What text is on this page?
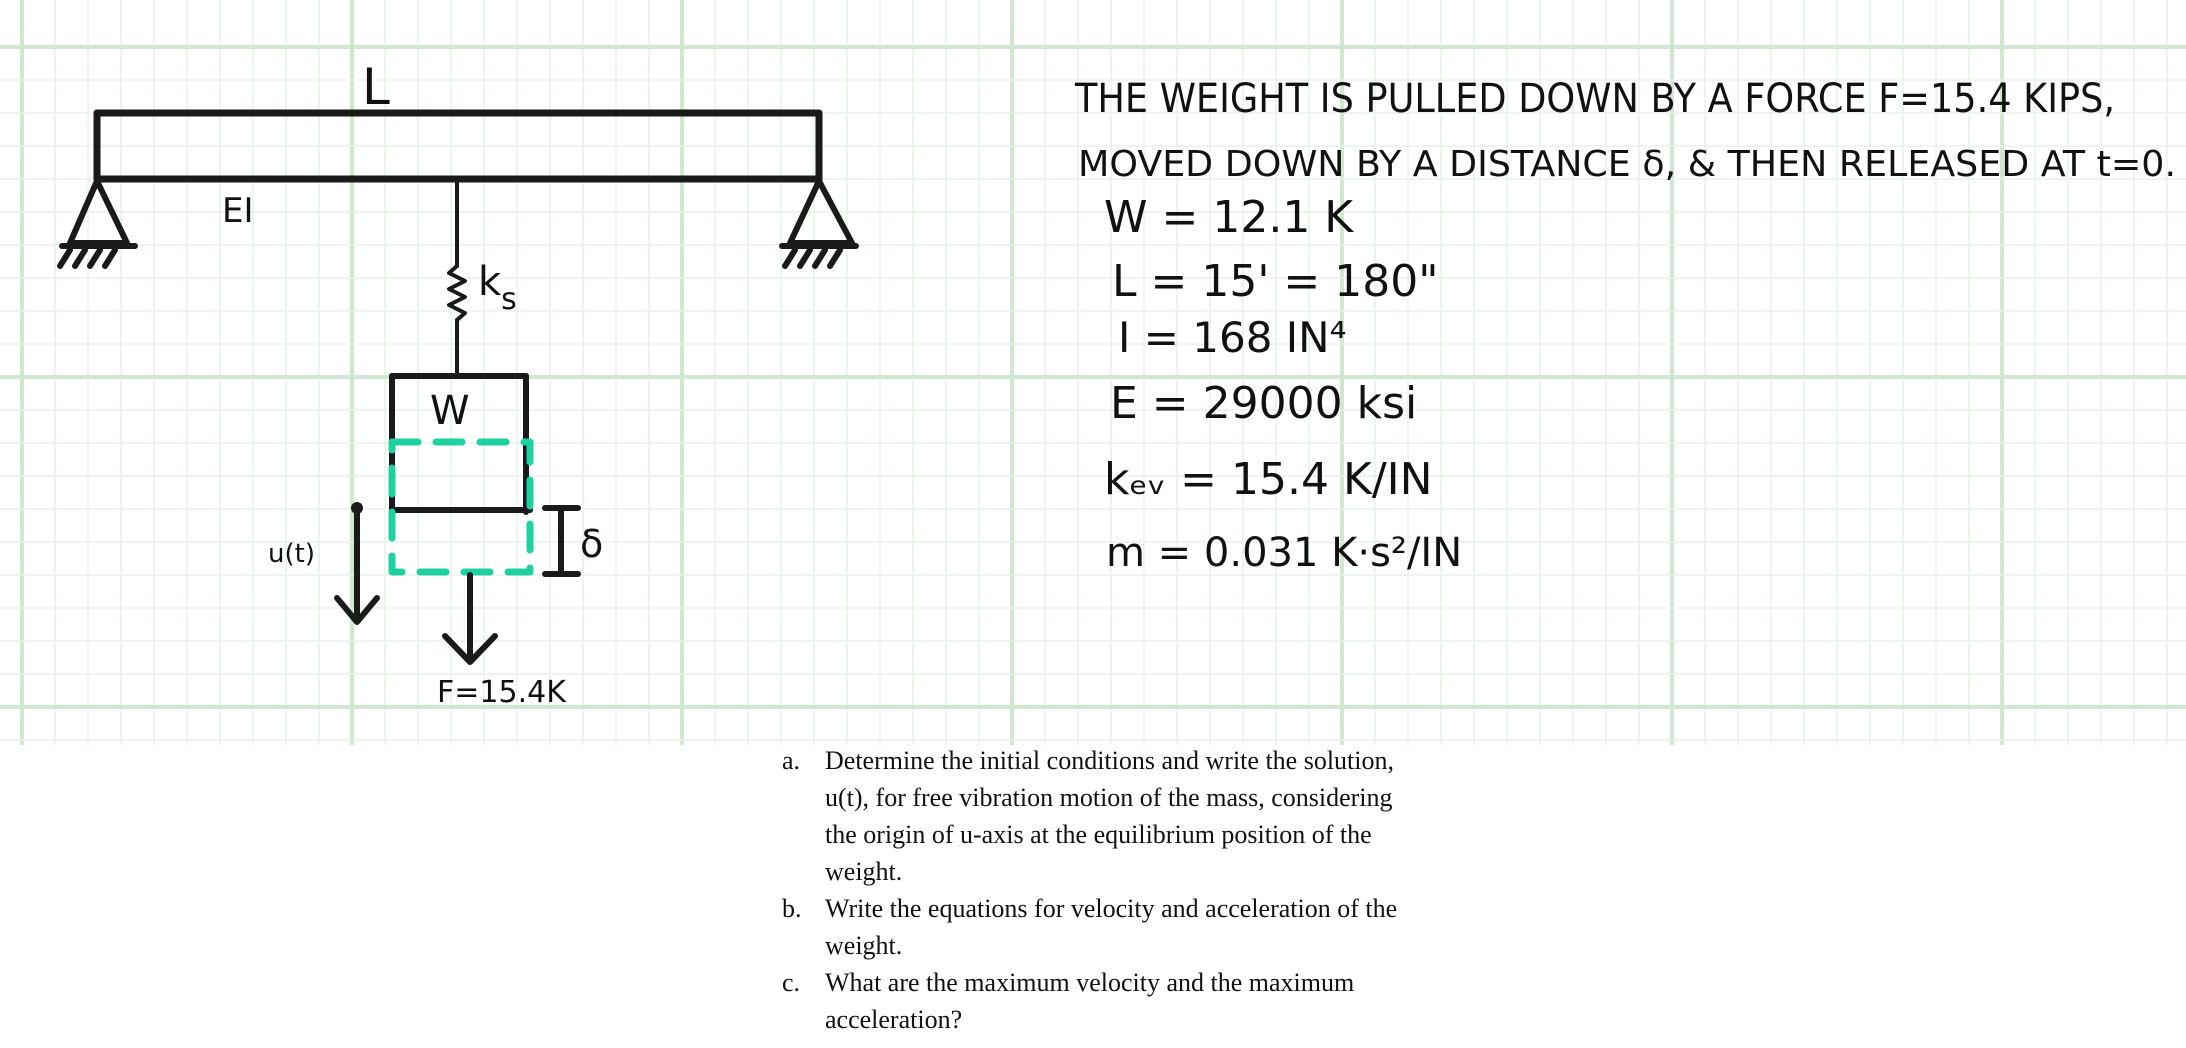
L
EI
$k_s$
W
u(t)	δ
F=15.4K
THE WEIGHT IS PULLED DOWN BY A FORCE F=15.4 KIPS,
MOVED DOWN BY A DISTANCE δ, & THEN RELEASED AT t=0.
W = 12.1 K
L = 15' = 180"
I = 168 IN⁴
E = 29000 ksi
kₑᵥ = 15.4 K/IN
m = 0.031 K·s²/IN
a. Determine the initial conditions and write the solution, u(t), for free vibration motion of the mass, considering the origin of u-axis at the equilibrium position of the weight.
b. Write the equations for velocity and acceleration of the weight.
c. What are the maximum velocity and the maximum acceleration?
